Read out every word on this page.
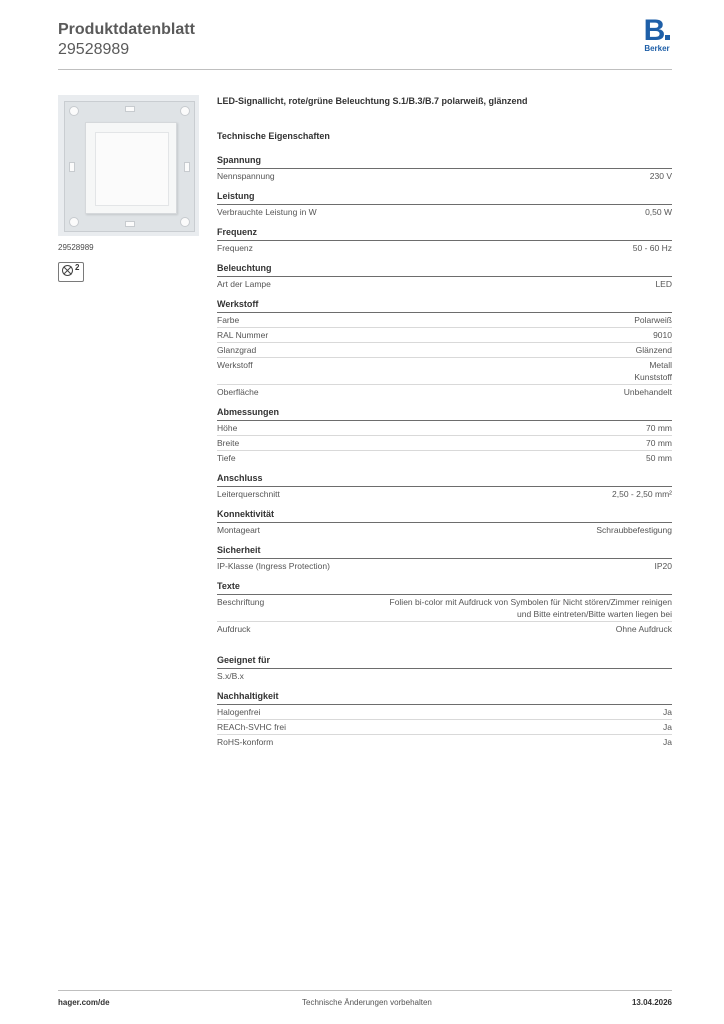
Produktdatenblatt

29528989

B
Berker
29528989
2

LED-Signallicht, rote/grüne Beleuchtung S.1/B.3/B.7 polarweiß, glänzend

Technische Eigenschaften

Spannung
Nennspannung	230 V
Leistung
Verbrauchte Leistung in W	0,50 W
Frequenz
Frequenz	50 - 60 Hz
Beleuchtung
Art der Lampe	LED
Werkstoff
Farbe	Polarweiß
RAL Nummer	9010
Glanzgrad	Glänzend
Werkstoff	Metall
Kunststoff
Oberfläche	Unbehandelt
Abmessungen
Höhe	70 mm
Breite	70 mm
Tiefe	50 mm
Anschluss
Leiterquerschnitt	2,50 - 2,50 mm²
Konnektivität
Montageart	Schraubbefestigung
Sicherheit
IP-Klasse (Ingress Protection)	IP20
Texte
Beschriftung	Folien bi-color mit Aufdruck von Symbolen für Nicht stören/Zimmer reinigen
und Bitte eintreten/Bitte warten liegen bei
Aufdruck	Ohne Aufdruck
Geeignet für
S.x/B.x
Nachhaltigkeit
Halogenfrei	Ja
REACh-SVHC frei	Ja
RoHS-konform	Ja
hager.com/de	Technische Änderungen vorbehalten	13.04.2026
